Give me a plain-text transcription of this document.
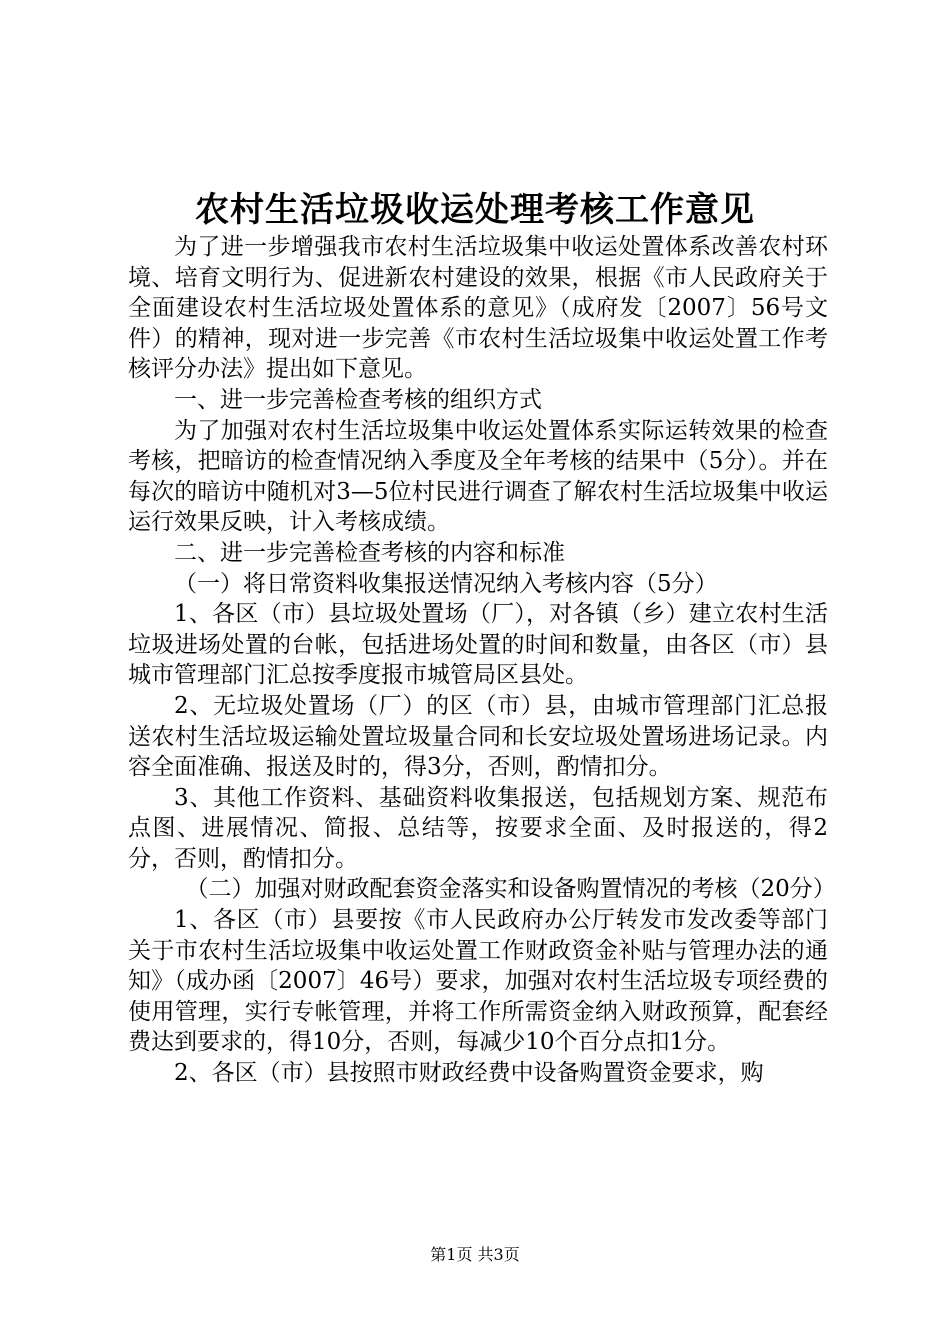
农村生活垃圾收运处理考核工作意见

为了进一步增强我市农村生活垃圾集中收运处置体系改善农村环境、培育文明行为、促进新农村建设的效果，根据《市人民政府关于全面建设农村生活垃圾处置体系的意见》（成府发〔2007〕56号文件）的精神，现对进一步完善《市农村生活垃圾集中收运处置工作考核评分办法》提出如下意见。

一、进一步完善检查考核的组织方式

为了加强对农村生活垃圾集中收运处置体系实际运转效果的检查考核，把暗访的检查情况纳入季度及全年考核的结果中（5分）。并在每次的暗访中随机对3—5位村民进行调查了解农村生活垃圾集中收运运行效果反映，计入考核成绩。

二、进一步完善检查考核的内容和标准

（一）将日常资料收集报送情况纳入考核内容（5分）

1、各区（市）县垃圾处置场（厂），对各镇（乡）建立农村生活垃圾进场处置的台帐，包括进场处置的时间和数量，由各区（市）县城市管理部门汇总按季度报市城管局区县处。

2、无垃圾处置场（厂）的区（市）县，由城市管理部门汇总报送农村生活垃圾运输处置垃圾量合同和长安垃圾处置场进场记录。内容全面准确、报送及时的，得3分，否则，酌情扣分。

3、其他工作资料、基础资料收集报送，包括规划方案、规范布点图、进展情况、简报、总结等，按要求全面、及时报送的，得2分，否则，酌情扣分。

（二）加强对财政配套资金落实和设备购置情况的考核（20分）

1、各区（市）县要按《市人民政府办公厅转发市发改委等部门关于市农村生活垃圾集中收运处置工作财政资金补贴与管理办法的通知》（成办函〔2007〕46号）要求，加强对农村生活垃圾专项经费的使用管理，实行专帐管理，并将工作所需资金纳入财政预算，配套经费达到要求的，得10分，否则，每减少10个百分点扣1分。

2、各区（市）县按照市财政经费中设备购置资金要求，购

第1页 共3页
